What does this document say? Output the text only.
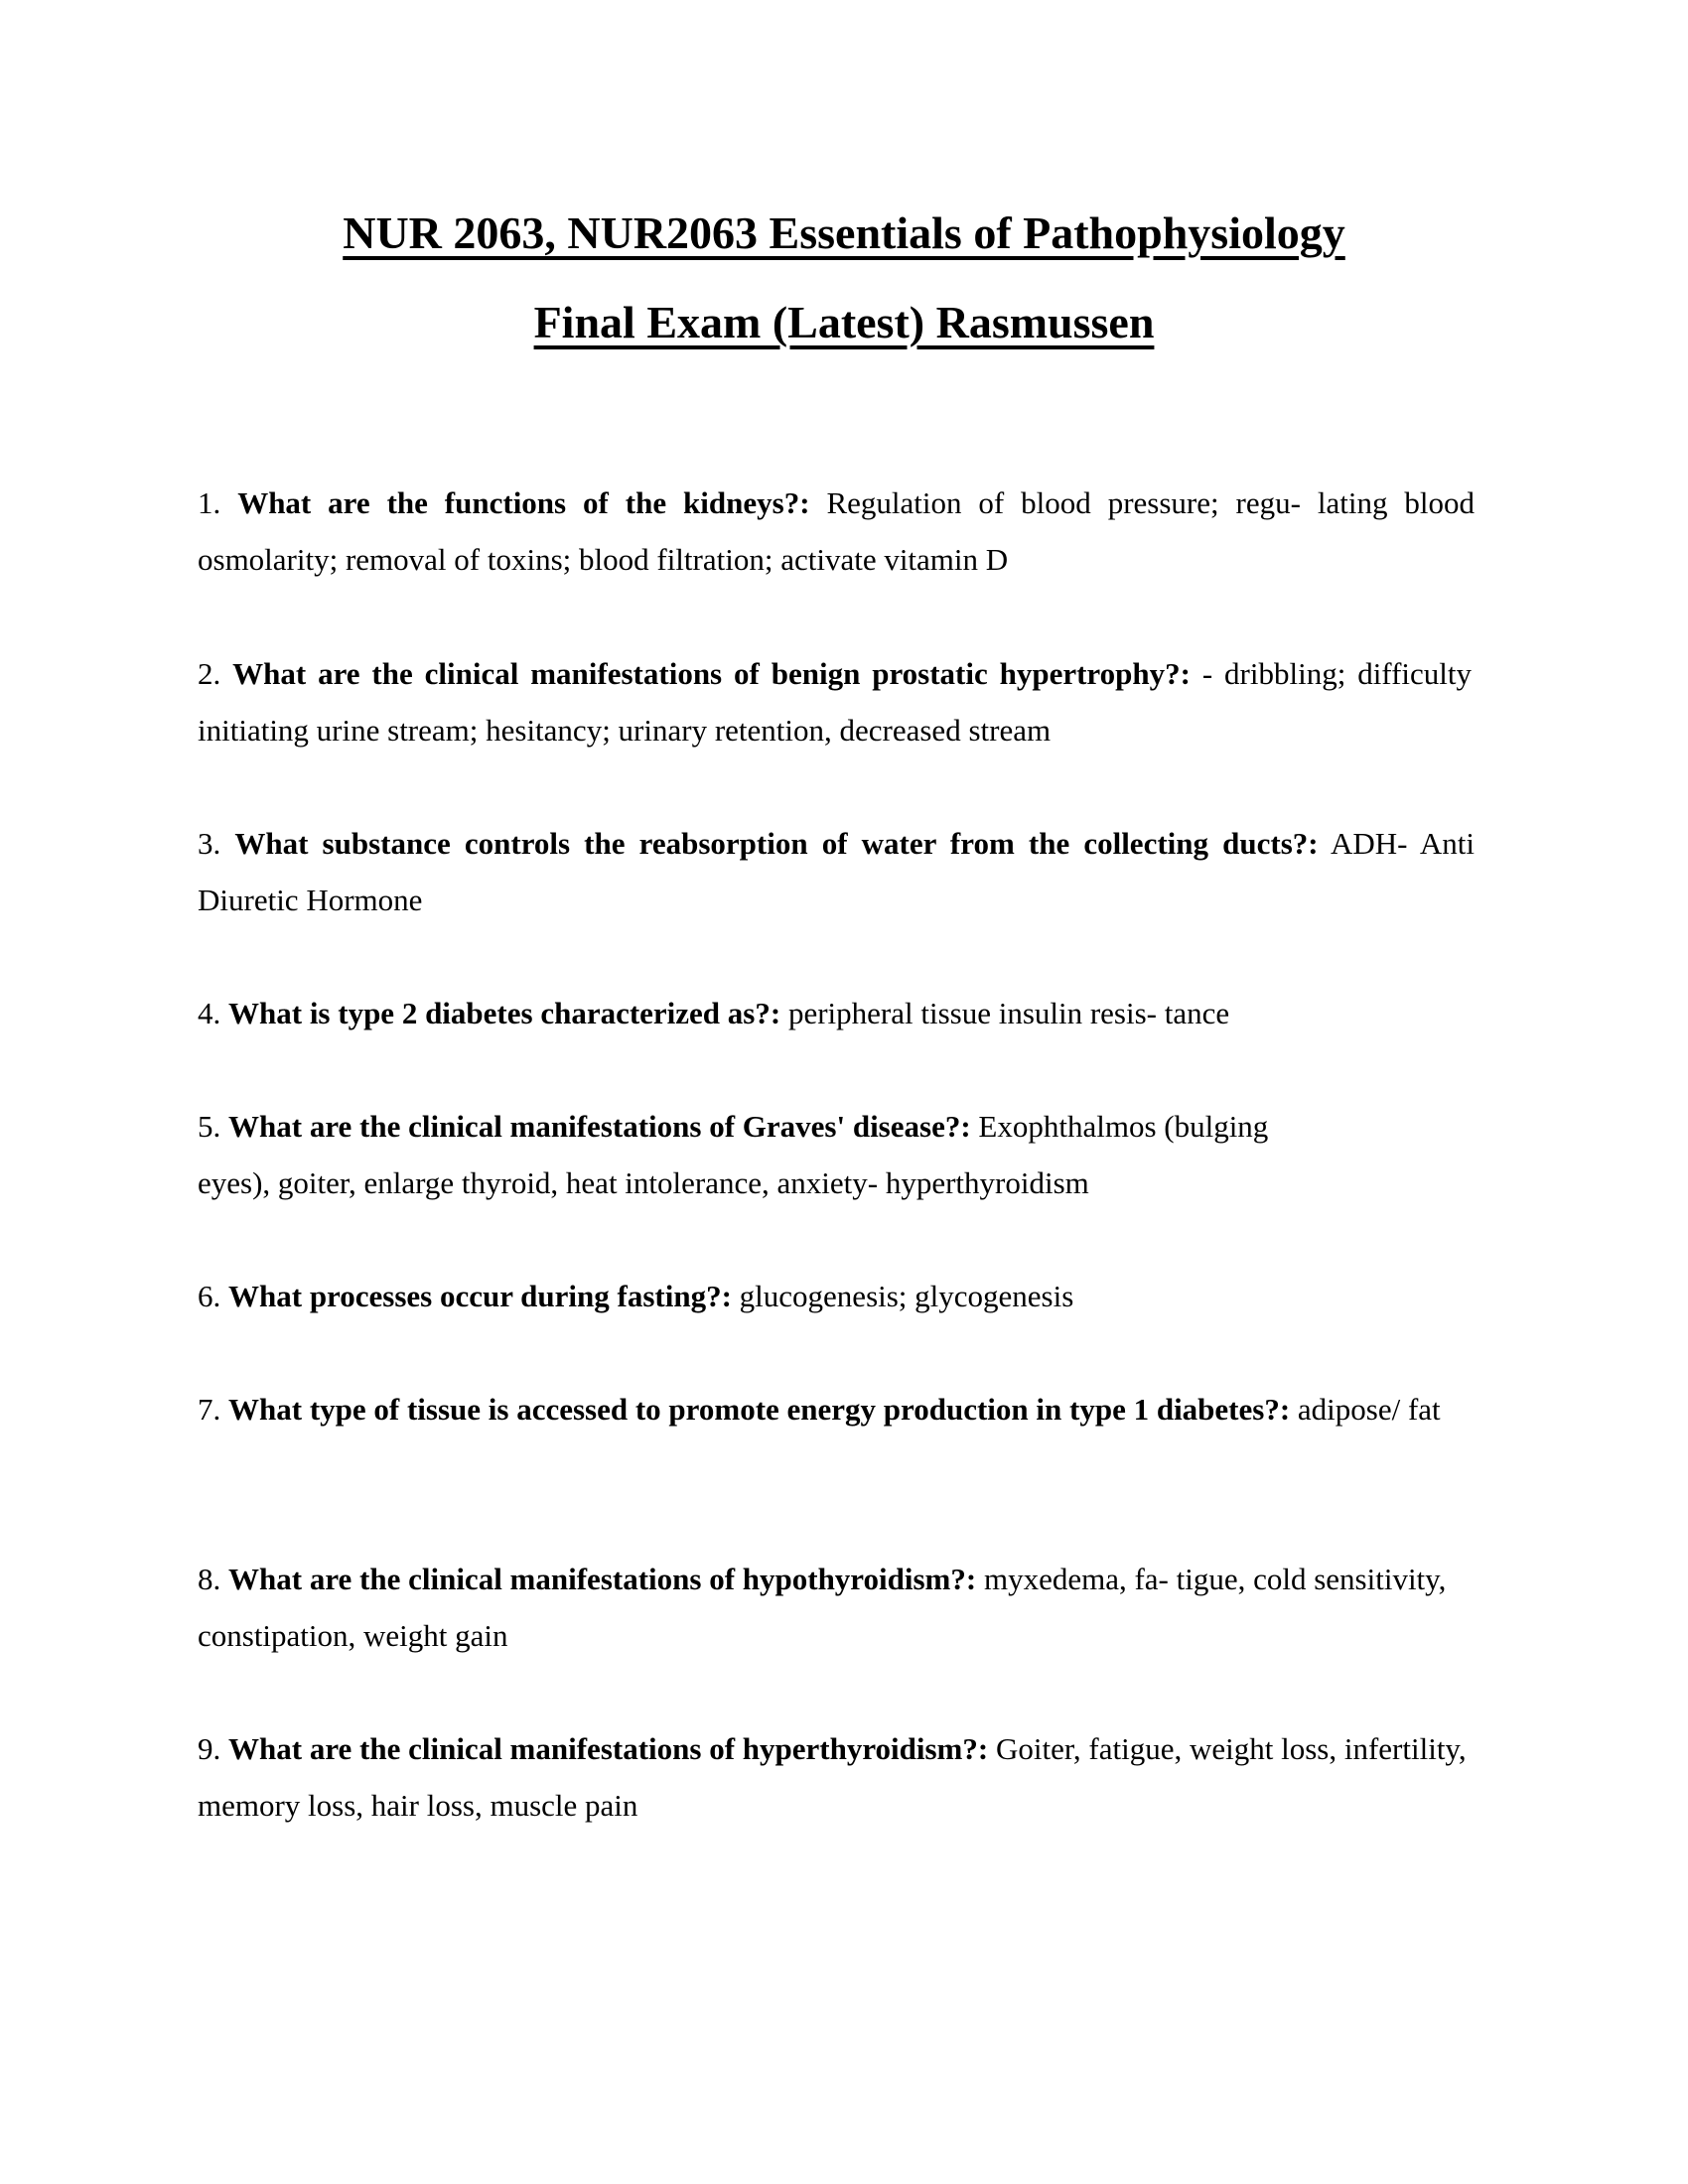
NUR 2063, NUR2063 Essentials of Pathophysiology
Final Exam (Latest) Rasmussen
1. What are the functions of the kidneys?: Regulation of blood pressure; regu- lating blood osmolarity; removal of toxins; blood filtration; activate vitamin D
2. What are the clinical manifestations of benign prostatic hypertrophy?: - dribbling; difficulty initiating urine stream; hesitancy; urinary retention, decreased stream
3. What substance controls the reabsorption of water from the collecting ducts?: ADH- Anti Diuretic Hormone
4. What is type 2 diabetes characterized as?: peripheral tissue insulin resis- tance
5. What are the clinical manifestations of Graves' disease?: Exophthalmos (bulging eyes), goiter, enlarge thyroid, heat intolerance, anxiety- hyperthyroidism
6. What processes occur during fasting?: glucogenesis; glycogenesis
7. What type of tissue is accessed to promote energy production in type 1 diabetes?: adipose/ fat
8. What are the clinical manifestations of hypothyroidism?: myxedema, fa- tigue, cold sensitivity, constipation, weight gain
9. What are the clinical manifestations of hyperthyroidism?: Goiter, fatigue, weight loss, infertility, memory loss, hair loss, muscle pain
